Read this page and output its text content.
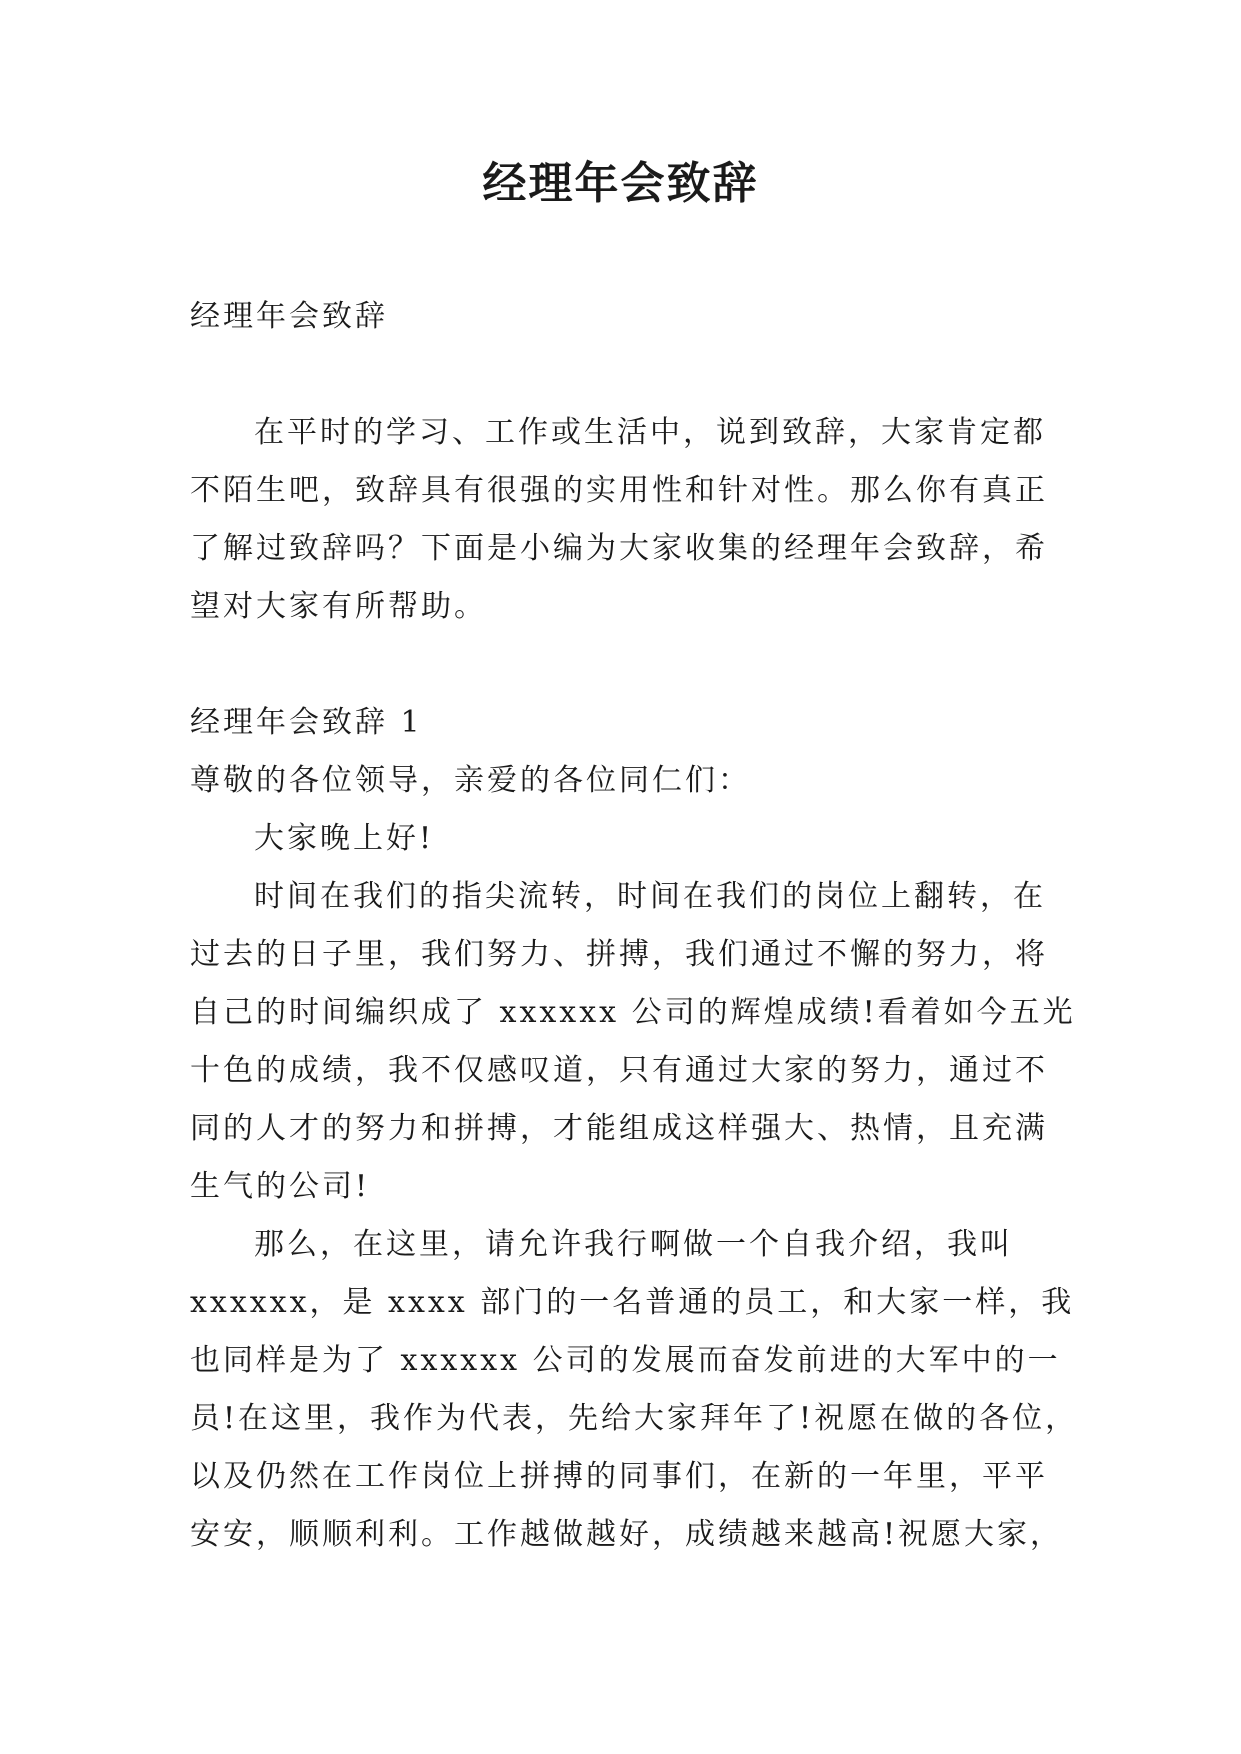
经理年会致辞
经理年会致辞
在平时的学习、工作或生活中，说到致辞，大家肯定都
不陌生吧，致辞具有很强的实用性和针对性。那么你有真正
了解过致辞吗？下面是小编为大家收集的经理年会致辞，希
望对大家有所帮助。
经理年会致辞 1
尊敬的各位领导，亲爱的各位同仁们：
大家晚上好!
时间在我们的指尖流转，时间在我们的岗位上翻转，在
过去的日子里，我们努力、拼搏，我们通过不懈的努力，将
自己的时间编织成了 xxxxxx 公司的辉煌成绩!看着如今五光
十色的成绩，我不仅感叹道，只有通过大家的努力，通过不
同的人才的努力和拼搏，才能组成这样强大、热情，且充满
生气的公司!
那么，在这里，请允许我行啊做一个自我介绍，我叫
xxxxxx，是 xxxx 部门的一名普通的员工，和大家一样，我
也同样是为了 xxxxxx 公司的发展而奋发前进的大军中的一
员!在这里，我作为代表，先给大家拜年了!祝愿在做的各位，
以及仍然在工作岗位上拼搏的同事们，在新的一年里，平平
安安，顺顺利利。工作越做越好，成绩越来越高!祝愿大家，
